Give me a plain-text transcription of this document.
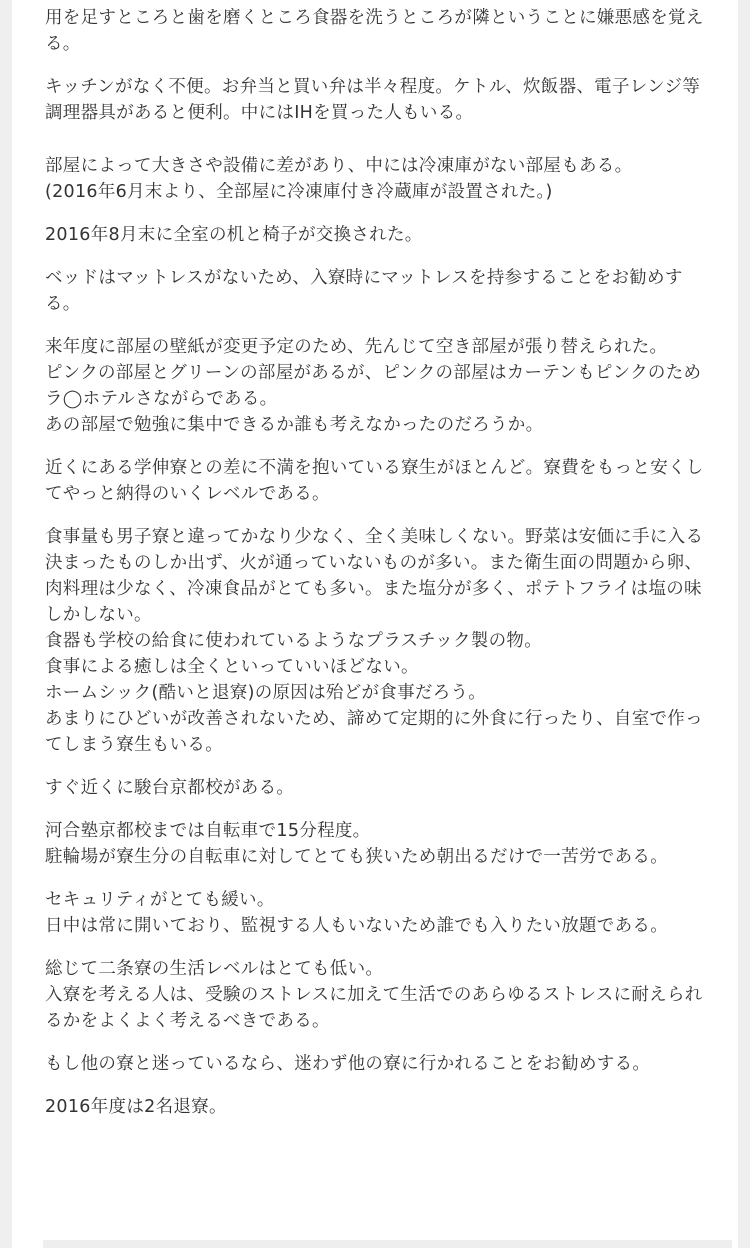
用を足すところと歯を磨くところ食器を洗うところが隣ということに嫌悪感を覚える。

キッチンがなく不便。お弁当と買い弁は半々程度。ケトル、炊飯器、電子レンジ等調理器具があると便利。中にはIHを買った人もいる。

部屋によって大きさや設備に差があり、中には冷凍庫がない部屋もある。
(2016年6月末より、全部屋に冷凍庫付き冷蔵庫が設置された。)

2016年8月末に全室の机と椅子が交換された。

ベッドはマットレスがないため、入寮時にマットレスを持参することをお勧めする。

来年度に部屋の壁紙が変更予定のため、先んじて空き部屋が張り替えられた。
ピンクの部屋とグリーンの部屋があるが、ピンクの部屋はカーテンもピンクのためラ◯ホテルさながらである。
あの部屋で勉強に集中できるか誰も考えなかったのだろうか。

近くにある学伸寮との差に不満を抱いている寮生がほとんど。寮費をもっと安くしてやっと納得のいくレベルである。

食事量も男子寮と違ってかなり少なく、全く美味しくない。野菜は安価に手に入る決まったものしか出ず、火が通っていないものが多い。また衛生面の問題から卵、肉料理は少なく、冷凍食品がとても多い。また塩分が多く、ポテトフライは塩の味しかしない。
食器も学校の給食に使われているようなプラスチック製の物。
食事による癒しは全くといっていいほどない。
ホームシック(酷いと退寮)の原因は殆どが食事だろう。
あまりにひどいが改善されないため、諦めて定期的に外食に行ったり、自室で作ってしまう寮生もいる。

すぐ近くに駿台京都校がある。

河合塾京都校までは自転車で15分程度。
駐輪場が寮生分の自転車に対してとても狭いため朝出るだけで一苦労である。

セキュリティがとても緩い。
日中は常に開いており、監視する人もいないため誰でも入りたい放題である。

総じて二条寮の生活レベルはとても低い。
入寮を考える人は、受験のストレスに加えて生活でのあらゆるストレスに耐えられるかをよくよく考えるべきである。

もし他の寮と迷っているなら、迷わず他の寮に行かれることをお勧めする。

2016年度は2名退寮。
